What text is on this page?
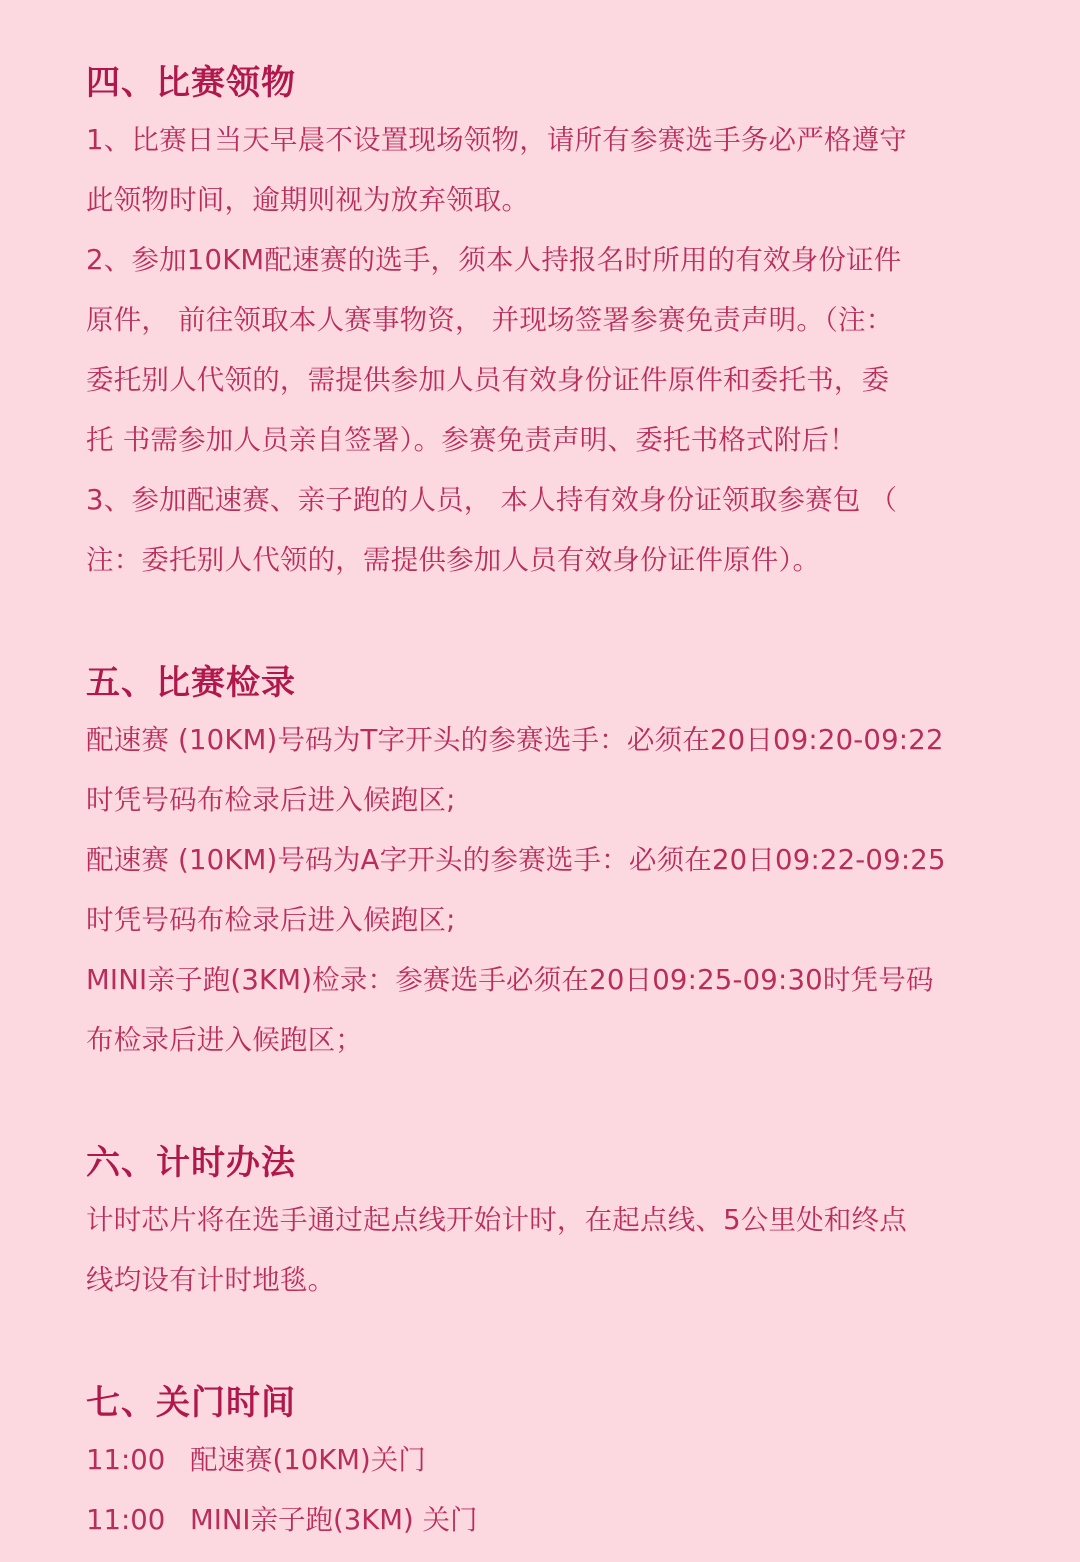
四、比赛领物

1、比赛日当天早晨不设置现场领物，请所有参赛选手务必严格遵守

此领物时间，逾期则视为放弃领取。

2、参加10KM配速赛的选手，须本人持报名时所用的有效身份证件

原件， 前往领取本人赛事物资， 并现场签署参赛免责声明。（注：

委托别人代领的，需提供参加人员有效身份证件原件和委托书，委

托 书需参加人员亲自签署）。参赛免责声明、委托书格式附后！

3、参加配速赛、亲子跑的人员， 本人持有效身份证领取参赛包 （

注：委托别人代领的，需提供参加人员有效身份证件原件）。

五、比赛检录

配速赛 (10KM)号码为T字开头的参赛选手：必须在20日09:20-09:22

时凭号码布检录后进入候跑区;

配速赛 (10KM)号码为A字开头的参赛选手：必须在20日09:22-09:25

时凭号码布检录后进入候跑区;

MINI亲子跑(3KM)检录：参赛选手必须在20日09:25-09:30时凭号码

布检录后进入候跑区；

六、计时办法

计时芯片将在选手通过起点线开始计时，在起点线、5公里处和终点

线均设有计时地毯。

七、关门时间
11:00 配速赛(10KM)关门
11:00 MINI亲子跑(3KM) 关门
